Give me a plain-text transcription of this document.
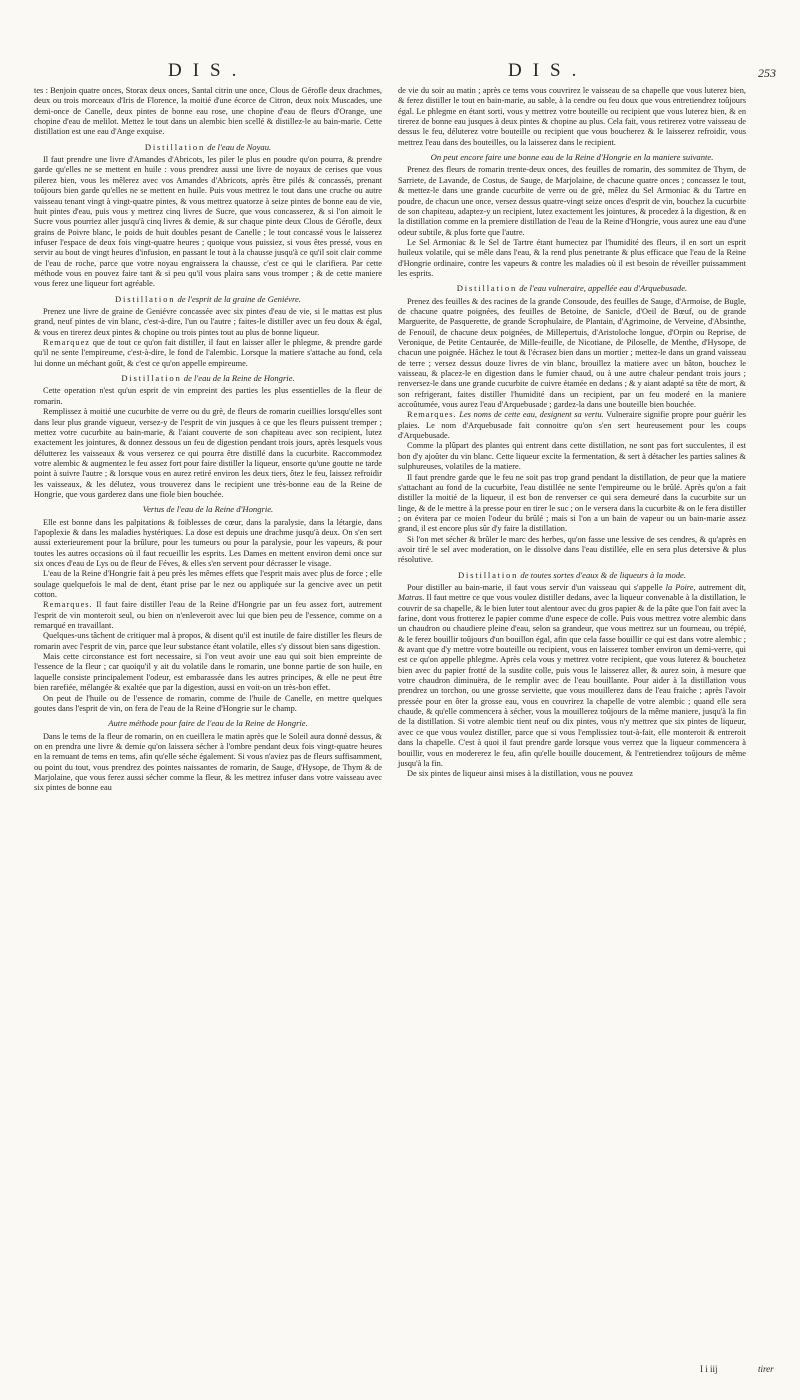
DIS.	DIS.	253

tes : Benjoin quatre onces, Storax deux onces, Santal citrin une once, Clous de Gérofle deux drachmes, deux ou trois morceaux d'Iris de Florence, la moitié d'une écorce de Citron, deux noix Muscades, une demi-once de Canelle, deux pintes de bonne eau rose, une chopine d'eau de fleurs d'Orange, une chopine d'eau de melilot. Mettez le tout dans un alembic bien scellé & distillez-le au bain-marie. Cette distillation est une eau d'Ange exquise.

Distillation de l'eau de Noyau.

Il faut prendre une livre d'Amandes d'Abricots, les piler le plus en poudre qu'on pourra, & prendre garde qu'elles ne se mettent en huile : vous prendrez aussi une livre de noyaux de cerises que vous pilerez bien, vous les mêlerez avec vos Amandes d'Abricots, après être pilés & concassés, prenant toûjours bien garde qu'elles ne se mettent en huile. Puis vous mettrez le tout dans une cruche ou autre vaisseau tenant vingt à vingt-quatre pintes, & vous mettrez quatorze à seize pintes de bonne eau de vie, huit pintes d'eau, puis vous y mettrez cinq livres de Sucre, que vous concasserez, & si l'on aimoit le Sucre vous pourriez aller jusqu'à cinq livres & demie, & sur chaque pinte deux Clous de Gérofle, deux grains de Poivre blanc, le poids de huit doubles pesant de Canelle ; le tout concassé vous le laisserez infuser l'espace de deux fois vingt-quatre heures ; quoique vous puissiez, si vous êtes pressé, vous en servir au bout de vingt heures d'infusion, en passant le tout à la chausse jusqu'à ce qu'il soit clair comme de l'eau de roche, parce que votre noyau engraissera la chausse, c'est ce qui le clarifiera. Par cette méthode vous en pouvez faire tant & si peu qu'il vous plaira sans vous tromper ; & de cette maniere vous ferez une liqueur fort agréable.

Distillation de l'esprit de la graine de Geniévre.

Prenez une livre de graine de Geniévre concassée avec six pintes d'eau de vie, si le mattas est plus grand, neuf pintes de vin blanc, c'est-à-dire, l'un ou l'autre ; faites-le distiller avec un feu doux & égal, & vous en tirerez deux pintes & chopine ou trois pintes tout au plus de bonne liqueur.

Remarquez que de tout ce qu'on fait distiller, il faut en laisser aller le phlegme, & prendre garde qu'il ne sente l'empireume, c'est-à-dire, le fond de l'alembic. Lorsque la matiere s'attache au fond, cela lui donne un méchant goût, & c'est ce qu'on appelle empireume.

Distillation de l'eau de la Reine de Hongrie.

Cette operation n'est qu'un esprit de vin empreint des parties les plus essentielles de la fleur de romarin.

Remplissez à moitié une cucurbite de verre ou du grè, de fleurs de romarin cueillies lorsqu'elles sont dans leur plus grande vigueur, versez-y de l'esprit de vin jusques à ce que les fleurs puissent tremper ; mettez votre cucurbite au bain-marie, & l'aiant couverte de son chapiteau avec son recipient, lutez exactement les jointures, & donnez dessous un feu de digestion pendant trois jours, après lesquels vous délutterez les vaisseaux & vous verserez ce qui pourra être distillé dans la cucurbite. Raccommodez votre alembic & augmentez le feu assez fort pour faire distiller la liqueur, ensorte qu'une goutte ne tarde point à suivre l'autre ; & lorsque vous en aurez retiré environ les deux tiers, ôtez le feu, laissez refroidir les vaisseaux, & les délutez, vous trouverez dans le recipient une très-bonne eau de la Reine de Hongrie, que vous garderez dans une fiole bien bouchée.

Vertus de l'eau de la Reine d'Hongrie.

Elle est bonne dans les palpitations & foiblesses de cœur, dans la paralysie, dans la létargie, dans l'apoplexie & dans les maladies hystériques. La dose est depuis une drachme jusqu'à deux. On s'en sert aussi exterieurement pour la brûlure, pour les tumeurs ou pour la paralysie, pour les vapeurs, & pour toutes les autres occasions où il faut recueillir les esprits. Les Dames en mettent environ demi once sur six onces d'eau de Lys ou de fleur de Féves, & elles s'en servent pour décrasser le visage.

L'eau de la Reine d'Hongrie fait à peu près les mêmes effets que l'esprit mais avec plus de force ; elle soulage quelquefois le mal de dent, étant prise par le nez ou appliquée sur la gencive avec un petit cotton.

Remarques. Il faut faire distiller l'eau de la Reine d'Hongrie par un feu assez fort, autrement l'esprit de vin monteroit seul, ou bien on n'enleveroit avec lui que bien peu de l'essence, comme on a remarqué en travaillant.

Quelques-uns tâchent de critiquer mal à propos, & disent qu'il est inutile de faire distiller les fleurs de romarin avec l'esprit de vin, parce que leur substance étant volatile, elles s'y dissout bien sans digestion.

Mais cette circonstance est fort necessaire, si l'on veut avoir une eau qui soit bien empreinte de l'essence de la fleur ; car quoiqu'il y ait du volatile dans le romarin, une bonne partie de son huile, en laquelle consiste principalement l'odeur, est embarassée dans les autres principes, & elle ne peut être bien rarefiée, mélangée & exaltée que par la digestion, aussi en voit-on un très-bon effet.

On peut de l'huile ou de l'essence de romarin, comme de l'huile de Canelle, en mettre quelques goutes dans l'esprit de vin, on fera de l'eau de la Reine d'Hongrie sur le champ.

Autre méthode pour faire de l'eau de la Reine de Hongrie.

Dans le tems de la fleur de romarin, on en cueillera le matin après que le Soleil aura donné dessus, & on en prendra une livre & demie qu'on laissera sécher à l'ombre pendant deux fois vingt-quatre heures en la remuant de tems en tems, afin qu'elle séche également. Si vous n'aviez pas de fleurs suffisamment, ou point du tout, vous prendrez des pointes naissantes de romarin, de Sauge, d'Hysope, de Thym & de Marjolaine, que vous ferez aussi sécher comme la fleur, & les mettrez infuser dans votre vaisseau avec six pintes de bonne eau

de vie du soir au matin ; après ce tems vous couvrirez le vaisseau de sa chapelle que vous luterez bien, & ferez distiller le tout en bain-marie, au sable, à la cendre ou feu doux que vous entretiendrez toûjours égal. Le phlegme en étant sorti, vous y mettrez votre bouteille ou recipient que vous luterez bien, & en tirerez de bonne eau jusques à deux pintes & chopine au plus. Cela fait, vous retirerez votre vaisseau de dessus le feu, déluterez votre bouteille ou recipient que vous boucherez & le laisserez refroidir, vous mettrez l'eau dans des bouteilles, ou la laisserez dans le recipient.

On peut encore faire une bonne eau de la Reine d'Hongrie en la maniere suivante.

Prenez des fleurs de romarin trente-deux onces, des feuilles de romarin, des sommitez de Thym, de Sarriete, de Lavande, de Costus, de Sauge, de Marjolaine, de chacune quatre onces ; concassez le tout, & mettez-le dans une grande cucurbite de verre ou de grè, mêlez du Sel Armoniac & du Tartre en poudre, de chacun une once, versez dessus quatre-vingt seize onces d'esprit de vin, bouchez la cucurbite de son chapiteau, adaptez-y un recipient, lutez exactement les jointures, & procedez à la digestion, & en la distillation comme en la premiere distillation de l'eau de la Reine d'Hongrie, vous aurez une eau d'une odeur subtile, & plus forte que l'autre.

Le Sel Armoniac & le Sel de Tartre étant humectez par l'humidité des fleurs, il en sort un esprit huileux volatile, qui se mêle dans l'eau, & la rend plus penetrante & plus efficace que l'eau de la Reine d'Hongrie ordinaire, contre les vapeurs & contre les maladies où il est besoin de réveiller puissamment les esprits.

Distillation de l'eau vulneraire, appellée eau d'Arquebusade.

Prenez des feuilles & des racines de la grande Consoude, des feuilles de Sauge, d'Armoise, de Bugle, de chacune quatre poignées, des feuilles de Betoine, de Sanicle, d'Oeil de Bœuf, ou de grande Marguerite, de Pasquerette, de grande Scrophulaire, de Plantain, d'Agrimoine, de Verveine, d'Absinthe, de Fenouil, de chacune deux poignées, de Millepertuis, d'Aristoloche longue, d'Orpin ou Reprise, de Veronique, de Petite Centaurée, de Mille-feuille, de Nicotiane, de Piloselle, de Menthe, d'Hysope, de chacun une poignée. Hâchez le tout & l'écrasez bien dans un mortier ; mettez-le dans un grand vaisseau de terre ; versez dessus douze livres de vin blanc, brouillez la matiere avec un bâton, bouchez le vaisseau, & placez-le en digestion dans le fumier chaud, ou à une autre chaleur pendant trois jours ; renversez-le dans une grande cucurbite de cuivre étamée en dedans ; & y aiant adapté sa tête de mort, & son refrigerant, faites distiller l'humidité dans un recipient, par un feu moderé en la maniere accoûtumée, vous aurez l'eau d'Arquebusade ; gardez-la dans une bouteille bien bouchée.

Remarques. Les noms de cette eau, designent sa vertu. Vulneraire signifie propre pour guérir les plaies. Le nom d'Arquebusade fait connoitre qu'on s'en sert heureusement pour les coups d'Arquebusade.

Comme la plûpart des plantes qui entrent dans cette distillation, ne sont pas fort succulentes, il est bon d'y ajoûter du vin blanc. Cette liqueur excite la fermentation, & sert à détacher les parties salines & sulphureuses, volatiles de la matiere.

Il faut prendre garde que le feu ne soit pas trop grand pendant la distillation, de peur que la matiere s'attachant au fond de la cucurbite, l'eau distillée ne sente l'empireume ou le brûlé. Après qu'on a fait distiller la moitié de la liqueur, il est bon de renverser ce qui sera demeuré dans la cucurbite sur un linge, & de le mettre à la presse pour en tirer le suc ; on le versera dans la cucurbite & on le fera distiller ; on évitera par ce moien l'odeur du brûlé ; mais si l'on a un bain de vapeur ou un bain-marie assez grand, il est encore plus sûr d'y faire la distillation.

Si l'on met sécher & brûler le marc des herbes, qu'on fasse une lessive de ses cendres, & qu'après en avoir tiré le sel avec moderation, on le dissolve dans l'eau distillée, elle en sera plus detersive & plus résolutive.

Distillation de toutes sortes d'eaux & de liqueurs à la mode.

Pour distiller au bain-marie, il faut vous servir d'un vaisseau qui s'appelle la Poire, autrement dit, Matras. Il faut mettre ce que vous voulez distiller dedans, avec la liqueur convenable à la distillation, le couvrir de sa chapelle, & le bien luter tout alentour avec du gros papier & de la pâte que l'on fait avec la farine, dont vous frotterez le papier comme d'une espece de colle. Puis vous mettrez votre alembic dans un chaudron ou chaudiere pleine d'eau, selon sa grandeur, que vous mettrez sur un fourneau, ou trépié, & le ferez bouillir toûjours d'un bouillon égal, afin que cela fasse bouillir ce qui est dans votre alembic ; & avant que d'y mettre votre bouteille ou recipient, vous en laisserez tomber environ un demi-verre, qui est ce qu'on appelle phlegme. Après cela vous y mettrez votre recipient, que vous luterez & bouchetez bien avec du papier frotté de la susdite colle, puis vous le laisserez aller, & aurez soin, à mesure que votre chaudron diminuëra, de le remplir avec de l'eau bouillante. Pour aider à la distillation vous prendrez un torchon, ou une grosse serviette, que vous mouillerez dans de l'eau fraiche ; après l'avoir pressée pour en ôter la grosse eau, vous en couvrirez la chapelle de votre alembic ; quand elle sera chaude, & qu'elle commencera à sécher, vous la mouillerez toûjours de la même maniere, jusqu'à la fin de la distillation. Si votre alembic tient neuf ou dix pintes, vous n'y mettrez que six pintes de liqueur, avec ce que vous voulez distiller, parce que si vous l'emplissiez tout-à-fait, elle monteroit & entreroit dans la chapelle. C'est à quoi il faut prendre garde lorsque vous verrez que la liqueur commencera à bouillir, vous en modererez le feu, afin qu'elle bouille doucement, & l'entretiendrez toûjours de même jusqu'à la fin.

De six pintes de liqueur ainsi mises à la distillation, vous ne pouvez

I i iij	tirer
